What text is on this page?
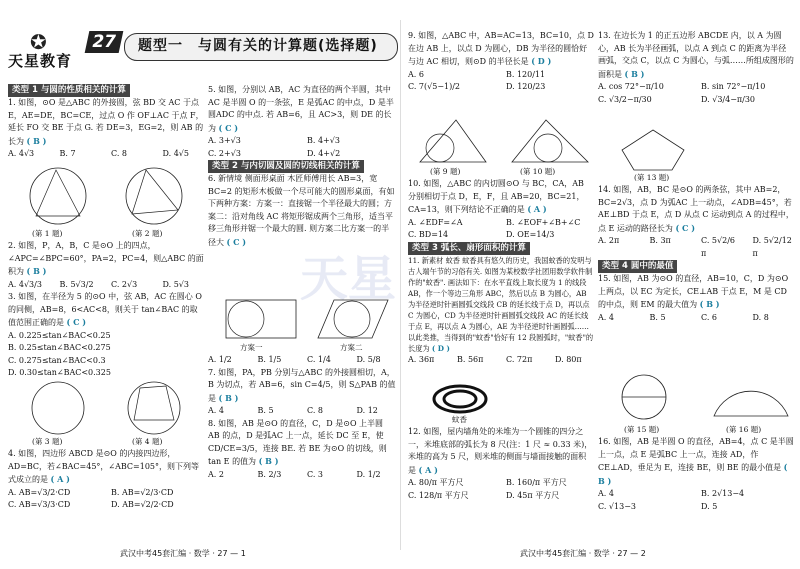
✪
天星教育
27	题型一　与圆有关的计算题(选择题)
天星
类型 1 与圆的性质相关的计算

1. 如图，⊙O 是△ABC 的外接圆，弦 BD 交 AC 于点 E，AE=DE，BC=CE，过点 O 作 OF⊥AC 于点 F，延长 FO 交 BE 于点 G. 若 DE=3，EG=2，则 AB 的长为 ( B )

A. 4√3	B. 7	C. 8	D. 4√5
(第 1 题)	(第 2 题)

2. 如图，P，A，B，C 是⊙O 上的四点，∠APC=∠BPC=60°，PA=2，PC=4，则△ABC 的面积为 ( B )

A. 4√3/3	B. 5√3/2	C. 2√3	D. 5√3

3. 如图，在半径为 5 的⊙O 中，弦 AB，AC 在圆心 O 的同侧，AB=8，6<AC<8，则关于 tan∠BAC 的取值范围正确的是 ( C )

A. 0.225≤tan∠BAC<0.25
B. 0.25≤tan∠BAC<0.275
C. 0.275≤tan∠BAC<0.3
D. 0.30≤tan∠BAC<0.325
(第 3 题)	(第 4 题)

4. 如图，四边形 ABCD 是⊙O 的内接四边形，AD=BC，若∠BAC=45°，∠ABC=105°，则下列等式成立的是 ( A )

A. AB=√3/2·CD	B. AB=√2/3·CD
C. AB=√3/3·CD	D. AB=√2/2·CD

5. 如图，分别以 AB，AC 为直径的两个半圆，其中 AC 是半圆 O 的一条弦，E 是弧AC 的中点，D 是半圆ADC 的中点. 若 AB=6，且 AC>3，则 DE 的长为 ( C )

A. 3+√3	B. 4+√3
C. 2+√3	D. 4+√2
类型 2 与内切圆及圆的切线相关的计算

6. 新情境 侧面形桌面 木匠师傅用长 AB=3，宽 BC=2 的矩形木板做一个尽可能大的圆形桌面，有如下两种方案：方案一：直接锯一个半径最大的圆；方案二：沿对角线 AC 将矩形锯成两个三角形，适当平移三角形并锯一个最大的圆. 则方案二比方案一的半径大 ( C )

方案一	方案二
A. 1/2	B. 1/5	C. 1/4	D. 5/8

7. 如图，PA，PB 分别与△ABC 的外接圆相切，A，B 为切点，若 AB=6，sin C=4/5，则 S△PAB 的值是 ( B )

A. 4	B. 5	C. 8	D. 12

8. 如图，AB 是⊙O 的直径，C，D 是⊙O 上半圆 AB 的点，D 是弧AC 上一点，延长 DC 至 E，使 CD/CE=3/5，连接 BE. 若 BE 为⊙O 的切线，则 tan E 的值为 ( B )

A. 2	B. 2/3	C. 3	D. 1/2

9. 如图，△ABC 中，AB=AC=13，BC=10，点 D 在边 AB 上，以点 D 为圆心，DB 为半径的圆恰好与边 AC 相切，则⊙D 的半径长是 ( D )

A. 6	B. 120/11
C. 7(√5−1)/2	D. 120/23
(第 9 题)	(第 10 题)

10. 如图，△ABC 的内切圆⊙O 与 BC，CA，AB 分别相切于点 D，E，F，且 AB=20，BC=21，CA=13，则下列结论不正确的是 ( A )

A. ∠EDF=∠A	B. ∠EOF+∠B+∠C
C. BD=14	D. OE=14/3
类型 3 弧长、扇形面积的计算

11. 新素材 蚊香 蚊香具有悠久的历史，我国蚊香的发明与古人端午节的习俗有关. 如图为某校数学社团用数学软件制作的"蚊香". 画法如下：在水平直线上取长度为 1 的线段 AB，作一个等边三角形 ABC，然后以点 B 为圆心，AB 为半径逆时针画圆弧交线段 CB 的延长线于点 D，再以点 C 为圆心，CD 为半径逆时针画圆弧交线段 AC 的延长线于点 E，再以点 A 为圆心，AE 为半径逆时针画圆弧……以此类推，当得到的"蚊香"恰好有 12 段圆弧时，"蚊香"的长度为 ( D )

A. 36π	B. 56π	C. 72π	D. 80π
蚊香

12. 如图，屋内墙角处的米堆为一个圆锥的四分之一，米堆底部的弧长为 8 尺(注：1 尺 ≈ 0.33 米)，米堆的高为 5 尺，则米堆的侧面与墙面接触的面积是 ( A )

A. 80/π 平方尺	B. 160/π 平方尺
C. 128/π 平方尺	D. 45π 平方尺

13. 在边长为 1 的正五边形 ABCDE 内，以 A 为圆心，AB 长为半径画弧，以点 A 到点 C 的距离为半径画弧，交点 C，以点 C 为圆心，与弧……所组成图形的面积是 ( B )

A. cos 72°−π/10	B. sin 72°−π/10
C. √3/2−π/30	D. √3/4−π/30
(第 13 题)

14. 如图，AB，BC 是⊙O 的两条弦，其中 AB=2，BC=2√3，点 D 为弧AC 上一动点，∠ADB=45°，若 AE⊥BD 于点 E，点 D 从点 C 运动到点 A 的过程中，点 E 运动的路径长为 ( C )

A. 2π	B. 3π	C. 5√2/6 π
D. 5√2/12 π
类型 4 圆中的最值

15. 如图，AB 为⊙O 的直径，AB=10，C，D 为⊙O 上两点，以 EC 为定长，CE⊥AB 于点 E，M 是 CD 的中点，则 EM 的最大值为 ( B )

A. 4	B. 5	C. 6	D. 8
(第 15 题)	(第 16 题)

16. 如图，AB 是半圆 O 的直径，AB=4，点 C 是半圆上一点，点 E 是弧BC 上一点，连接 AD，作 CE⊥AD，垂足为 E，连接 BE，则 BE 的最小值是 ( B )

A. 4	B. 2√13−4
C. √13−3	D. 5
武汉中考45套汇编 · 数学 · 27 — 1	武汉中考45套汇编 · 数学 · 27 — 2
